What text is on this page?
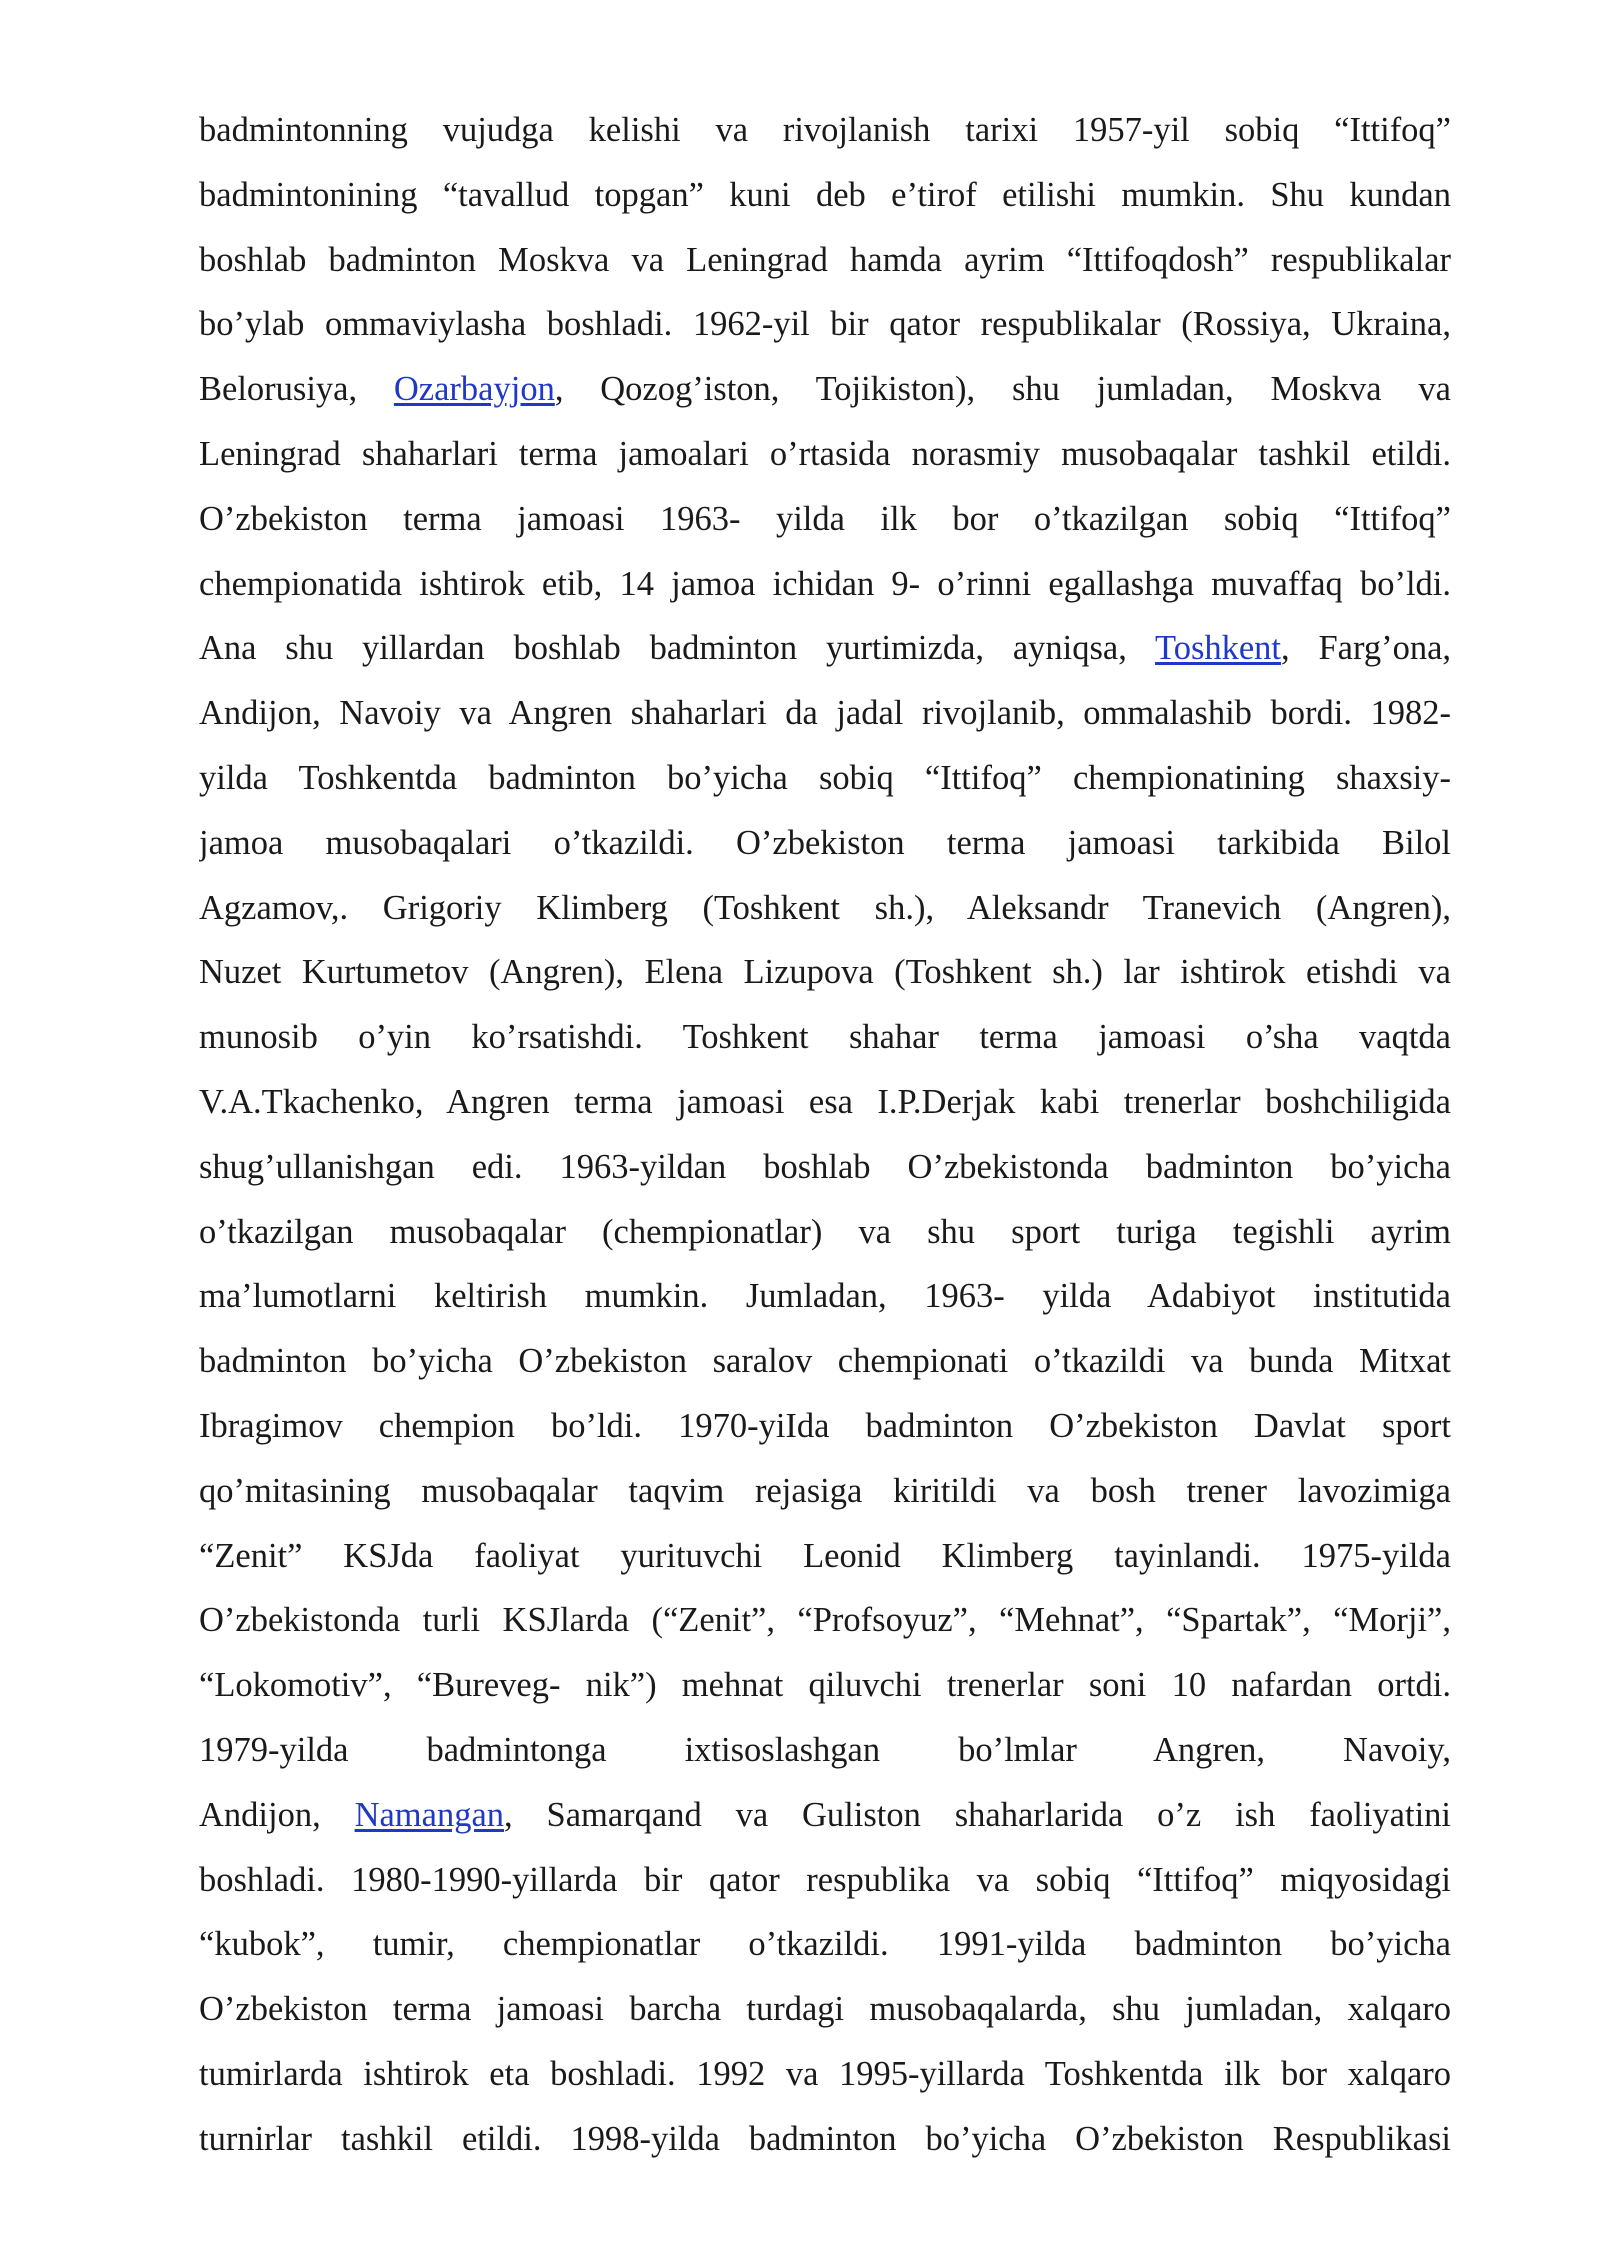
badmintonning vujudga kelishi va rivojlanish tarixi 1957-yil sobiq “Ittifoq”
badmintonining “tavallud topgan” kuni deb e’tirof etilishi mumkin. Shu kundan
boshlab badminton Moskva va Leningrad hamda ayrim “Ittifoqdosh” respublikalar
bo’ylab ommaviylasha boshladi. 1962-yil bir qator respublikalar (Rossiya, Ukraina,
Belorusiya, Ozarbayjon, Qozog’iston, Tojikiston), shu jumladan, Moskva va
Leningrad shaharlari terma jamoalari o’rtasida norasmiy musobaqalar tashkil etildi.
O’zbekiston terma jamoasi 1963- yilda ilk bor o’tkazilgan sobiq “Ittifoq”
chempionatida ishtirok etib, 14 jamoa ichidan 9- o’rinni egallashga muvaffaq bo’ldi.
Ana shu yillardan boshlab badminton yurtimizda, ayniqsa, Toshkent, Farg’ona,
Andijon, Navoiy va Angren shaharlari da jadal rivojlanib, ommalashib bordi. 1982-
yilda Toshkentda badminton bo’yicha sobiq “Ittifoq” chempionatining shaxsiy-
jamoa musobaqalari o’tkazildi. O’zbekiston terma jamoasi tarkibida Bilol
Agzamov,. Grigoriy Klimberg (Toshkent sh.), Aleksandr Tranevich (Angren),
Nuzet Kurtumetov (Angren), Elena Lizupova (Toshkent sh.) lar ishtirok etishdi va
munosib o’yin ko’rsatishdi. Toshkent shahar terma jamoasi o’sha vaqtda
V.A.Tkachenko, Angren terma jamoasi esa I.P.Derjak kabi trenerlar boshchiligida
shug’ullanishgan edi. 1963-yildan boshlab O’zbekistonda badminton bo’yicha
o’tkazilgan musobaqalar (chempionatlar) va shu sport turiga tegishli ayrim
ma’lumotlarni keltirish mumkin. Jumladan, 1963- yilda Adabiyot institutida
badminton bo’yicha O’zbekiston saralov chempionati o’tkazildi va bunda Mitxat
Ibragimov chempion bo’ldi. 1970-yiIda badminton O’zbekiston Davlat sport
qo’mitasining musobaqalar taqvim rejasiga kiritildi va bosh trener lavozimiga
“Zenit” KSJda faoliyat yurituvchi Leonid Klimberg tayinlandi. 1975-yilda
O’zbekistonda turli KSJlarda (“Zenit”, “Profsoyuz”, “Mehnat”, “Spartak”, “Morji”,
“Lokomotiv”, “Bureveg- nik”) mehnat qiluvchi trenerlar soni 10 nafardan ortdi.
1979-yilda badmintonga ixtisoslashgan bo’lmlar Angren, Navoiy,
Andijon, Namangan, Samarqand va Guliston shaharlarida o’z ish faoliyatini
boshladi. 1980-1990-yillarda bir qator respublika va sobiq “Ittifoq” miqyosidagi
“kubok”, tumir, chempionatlar o’tkazildi. 1991-yilda badminton bo’yicha
O’zbekiston terma jamoasi barcha turdagi musobaqalarda, shu jumladan, xalqaro
tumirlarda ishtirok eta boshladi. 1992 va 1995-yillarda Toshkentda ilk bor xalqaro
turnirlar tashkil etildi. 1998-yilda badminton bo’yicha O’zbekiston Respublikasi
